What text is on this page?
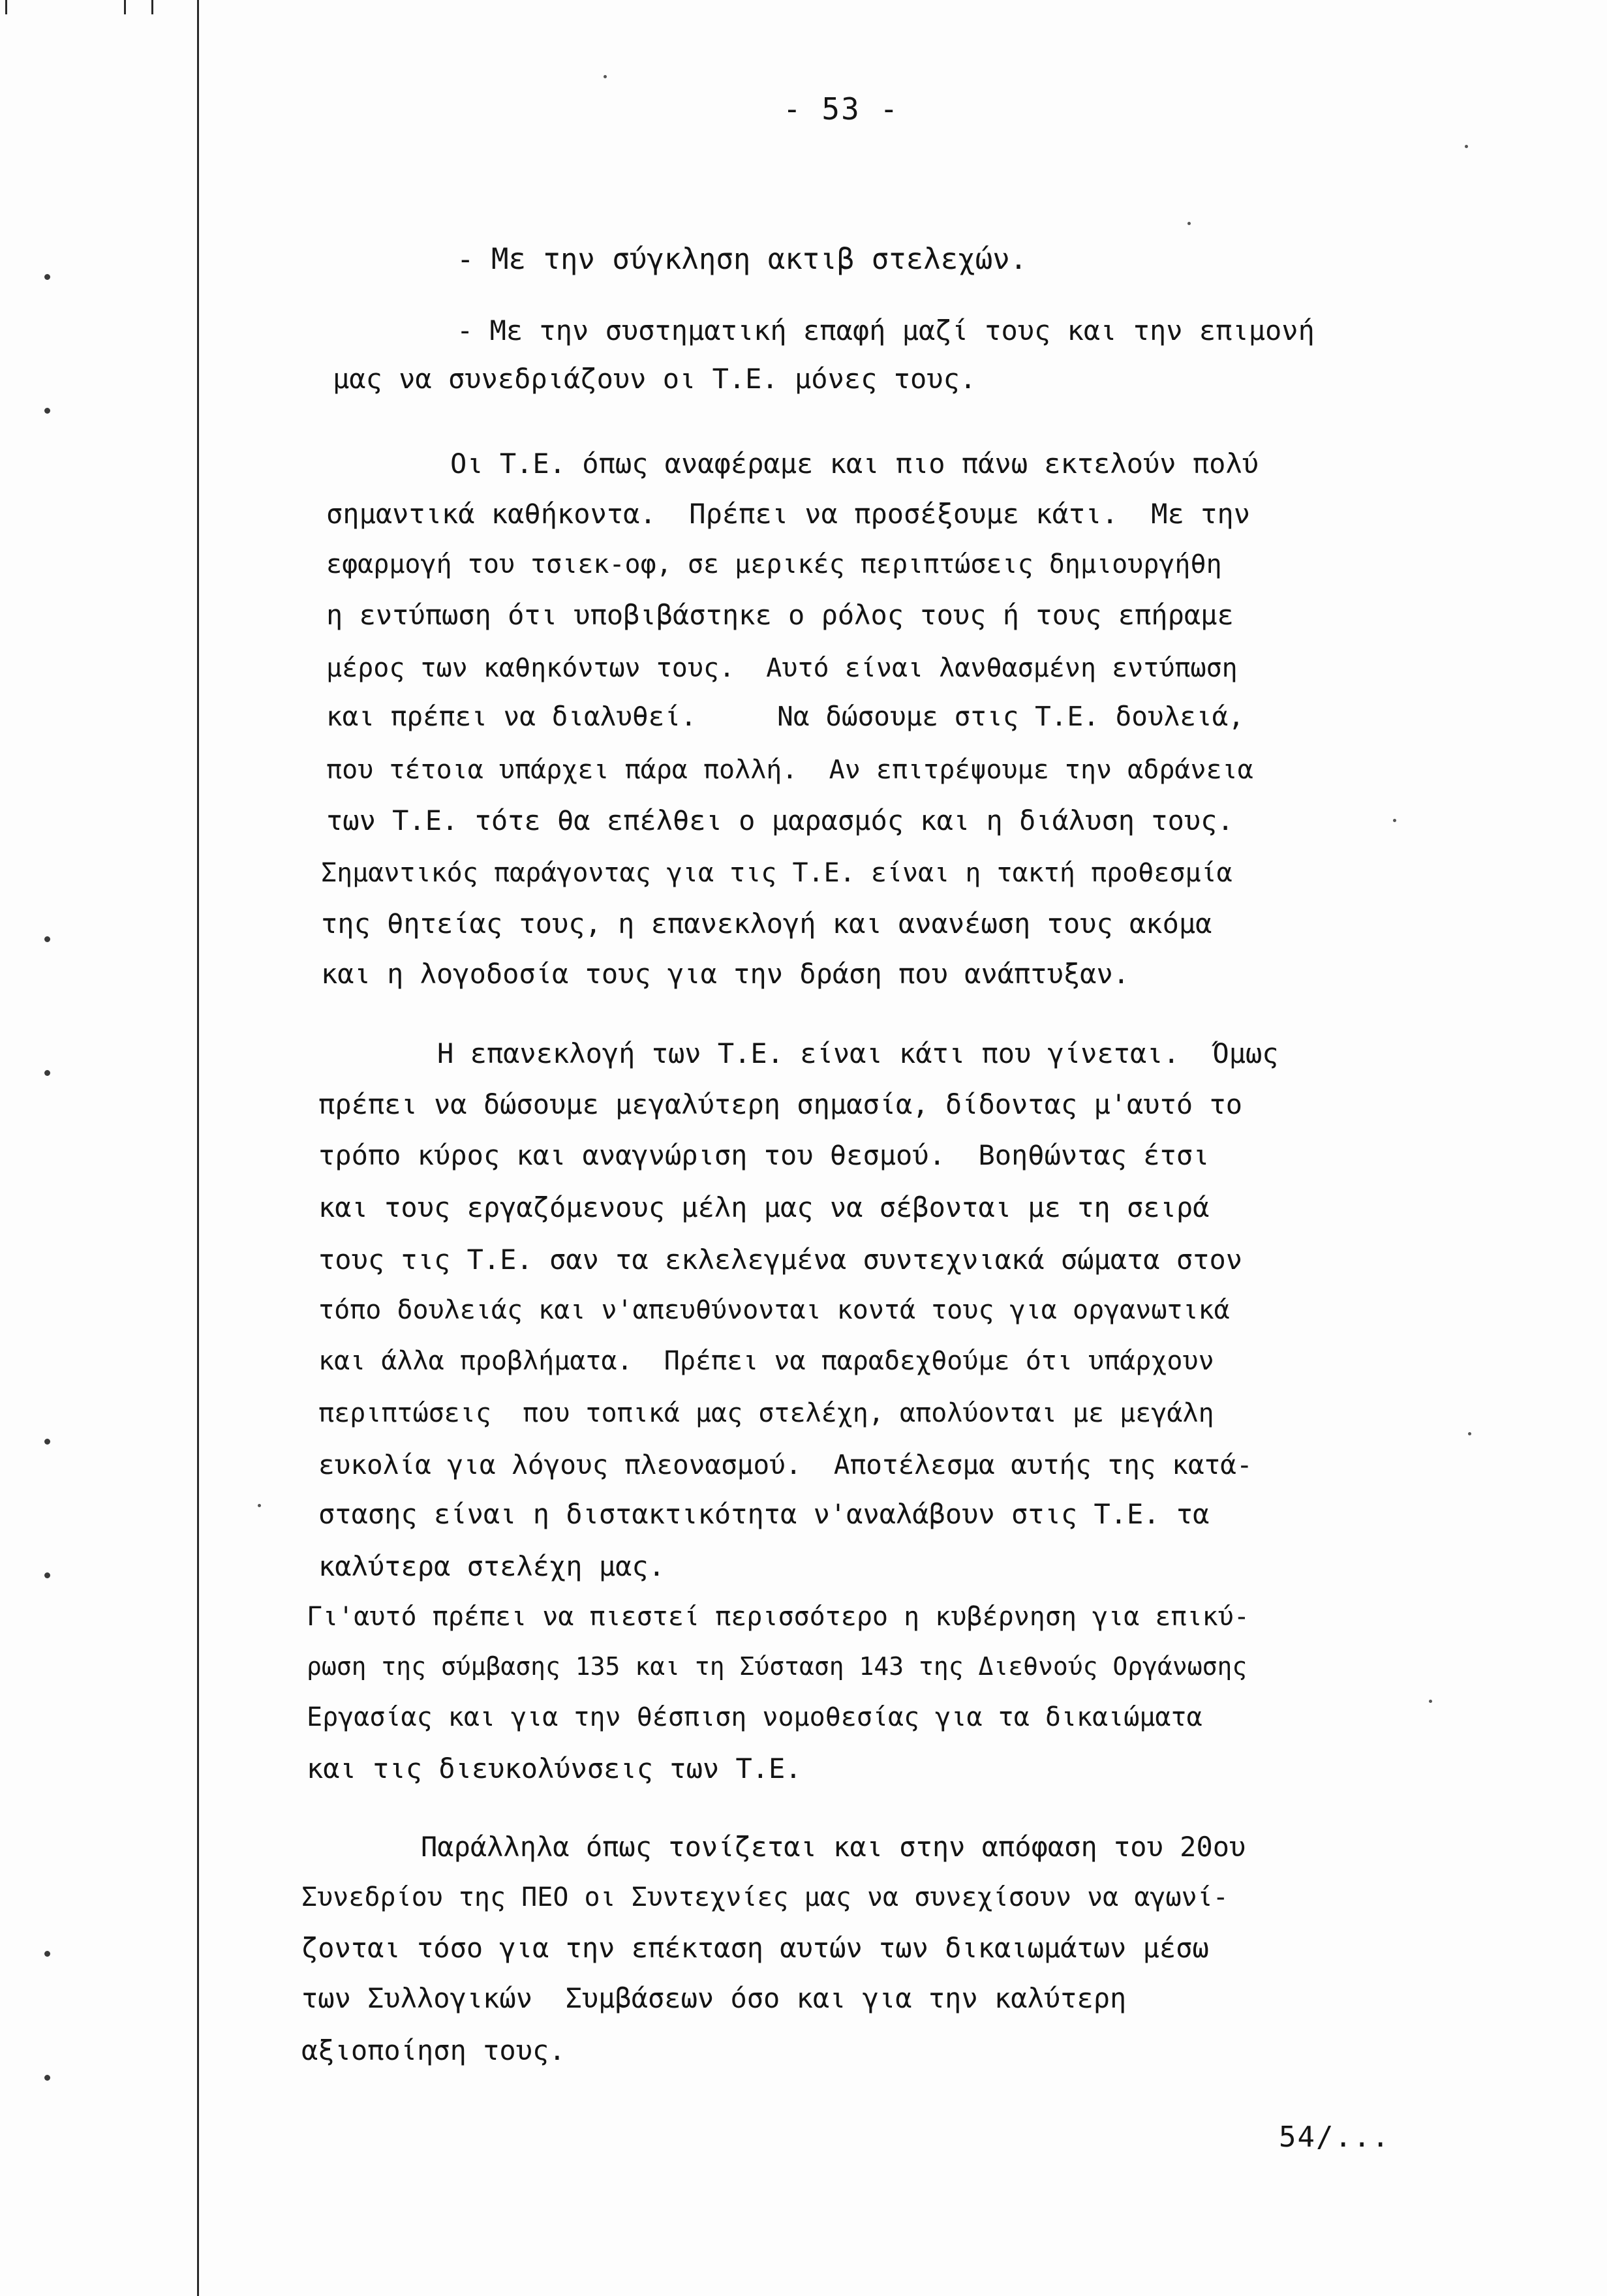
- 53 -
- Με την σύγκληση ακτιβ στελεχών.
- Με την συστηματική επαφή μαζί τους και την επιμονή
μας να συνεδριάζουν οι Τ.Ε. μόνες τους.
Οι Τ.Ε. όπως αναφέραμε και πιο πάνω εκτελούν πολύ
σημαντικά καθήκοντα.  Πρέπει να προσέξουμε κάτι.  Με την
εφαρμογή του τσιεκ-οφ, σε μερικές περιπτώσεις δημιουργήθη
η εντύπωση ότι υποβιβάστηκε ο ρόλος τους ή τους επήραμε
μέρος των καθηκόντων τους.  Αυτό είναι λανθασμένη εντύπωση
και πρέπει να διαλυθεί.     Να δώσουμε στις Τ.Ε. δουλειά,
που τέτοια υπάρχει πάρα πολλή.  Αν επιτρέψουμε την αδράνεια
των Τ.Ε. τότε θα επέλθει ο μαρασμός και η διάλυση τους.
Σημαντικός παράγοντας για τις Τ.Ε. είναι η τακτή προθεσμία
της θητείας τους, η επανεκλογή και ανανέωση τους ακόμα
και η λογοδοσία τους για την δράση που ανάπτυξαν.
Η επανεκλογή των Τ.Ε. είναι κάτι που γίνεται.  Όμως
πρέπει να δώσουμε μεγαλύτερη σημασία, δίδοντας μ'αυτό το
τρόπο κύρος και αναγνώριση του θεσμού.  Βοηθώντας έτσι
και τους εργαζόμενους μέλη μας να σέβονται με τη σειρά
τους τις Τ.Ε. σαν τα εκλελεγμένα συντεχνιακά σώματα στον
τόπο δουλειάς και ν'απευθύνονται κοντά τους για οργανωτικά
και άλλα προβλήματα.  Πρέπει να παραδεχθούμε ότι υπάρχουν
περιπτώσεις  που τοπικά μας στελέχη, απολύονται με μεγάλη
ευκολία για λόγους πλεονασμού.  Αποτέλεσμα αυτής της κατά-
στασης είναι η διστακτικότητα ν'αναλάβουν στις Τ.Ε. τα
καλύτερα στελέχη μας.
Γι'αυτό πρέπει να πιεστεί περισσότερο η κυβέρνηση για επικύ-
ρωση της σύμβασης 135 και τη Σύσταση 143 της Διεθνούς Οργάνωσης
Εργασίας και για την θέσπιση νομοθεσίας για τα δικαιώματα
και τις διευκολύνσεις των Τ.Ε.
Παράλληλα όπως τονίζεται και στην απόφαση του 20ου
Συνεδρίου της ΠΕΟ οι Συντεχνίες μας να συνεχίσουν να αγωνί-
ζονται τόσο για την επέκταση αυτών των δικαιωμάτων μέσω
των Συλλογικών  Συμβάσεων όσο και για την καλύτερη
αξιοποίηση τους.
54/...
